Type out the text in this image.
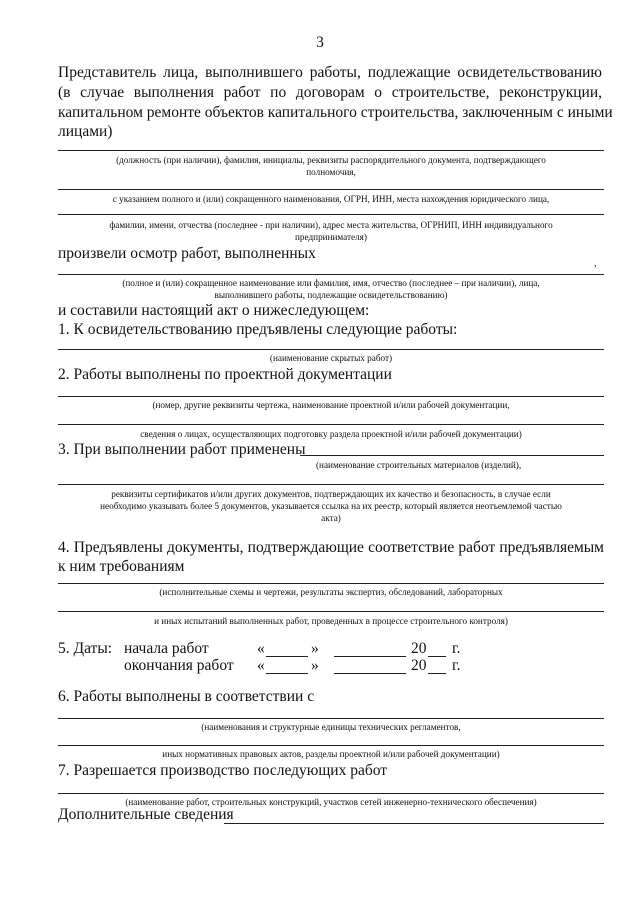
3
Представитель лица, выполнившего работы, подлежащие освидетельствованию
(в случае выполнения работ по договорам о строительстве, реконструкции,
капитальном ремонте объектов капитального строительства, заключенным с иными
лицами)
(должность (при наличии), фамилия, инициалы, реквизиты распорядительного документа, подтверждающего
полномочия,
с указанием полного и (или) сокращенного наименования, ОГРН, ИНН, места нахождения юридического лица,
фамилии, имени, отчества (последнее - при наличии), адрес места жительства, ОГРНИП, ИНН индивидуального
предпринимателя)
произвели осмотр работ, выполненных
,
(полное и (или) сокращенное наименование или фамилия, имя, отчество (последнее – при наличии), лица,
выполнившего работы, подлежащие освидетельствованию)
и составили настоящий акт о нижеследующем:
1. К освидетельствованию предъявлены следующие работы:
(наименование скрытых работ)
2. Работы выполнены по проектной документации
(номер, другие реквизиты чертежа, наименование проектной и/или рабочей документации,
сведения о лицах, осуществляющих подготовку раздела проектной и/или рабочей документации)
3. При выполнении работ применены
(наименование строительных материалов (изделий),
реквизиты сертификатов и/или других документов, подтверждающих их качество и безопасность, в случае если
необходимо указывать более 5 документов, указывается ссылка на их реестр, который является неотъемлемой частью
акта)
4. Предъявлены документы, подтверждающие соответствие работ предъявляемым
к ним требованиям
(исполнительные схемы и чертежи, результаты экспертиз, обследований, лабораторных
и иных испытаний выполненных работ, проведенных в процессе строительного контроля)
5. Даты: начала работ	«	»	20 г.
окончания работ «	»	20 г.
6. Работы выполнены в соответствии с
(наименования и структурные единицы технических регламентов,
иных нормативных правовых актов, разделы проектной и/или рабочей документации)
7. Разрешается производство последующих работ
(наименование работ, строительных конструкций, участков сетей инженерно-технического обеспечения)
Дополнительные сведения
